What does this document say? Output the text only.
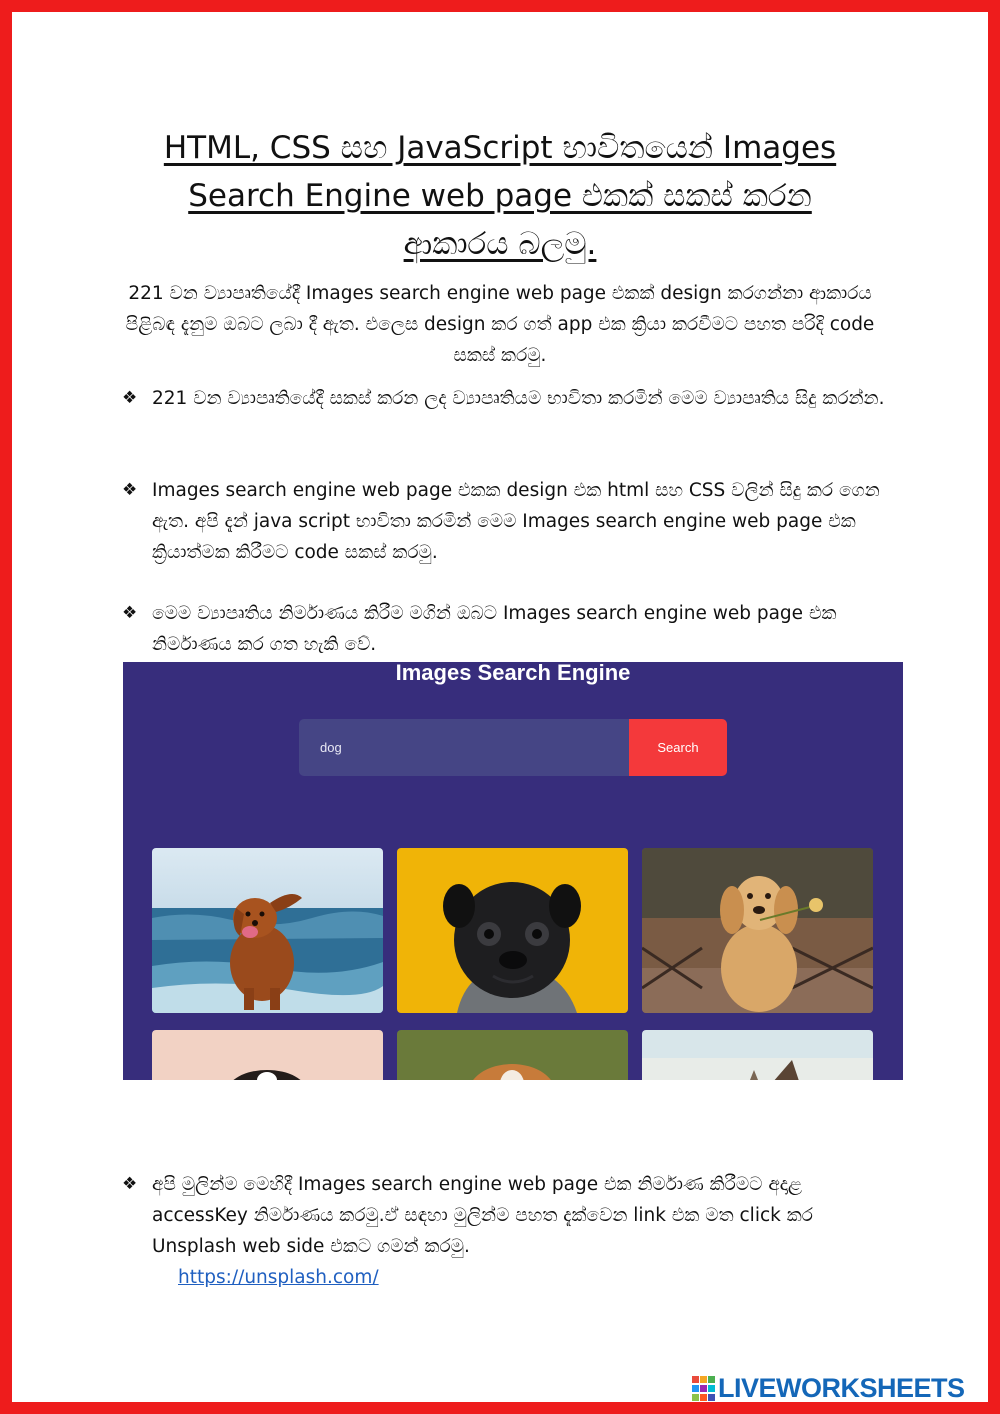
HTML, CSS සහ JavaScript භාවිතයෙන් Images Search Engine web page එකක් සකස් කරන ආකාරය බලමු.
221 වන ව්‍යාපෘතියේදී Images search engine web page එකක් design කරගන්නා ආකාරය පිළිබඳ දැනුම ඔබට ලබා දී ඇත. එලෙස design කර ගත් app එක ක්‍රියා කරවීමට පහත පරිදි code සකස් කරමු.
❖ 221 වන ව්‍යාපෘතියේදී සකස් කරන ලද ව්‍යාපෘතියම භාවිතා කරමින් මෙම ව්‍යාපෘතිය සිදු කරන්න.
❖ Images search engine web page එකක design එක html සහ CSS වලින් සිදු කර ගෙන ඇත. අපි දැන් java script භාවිතා කරමින් මෙම Images search engine web page එක ක්‍රියාත්මක කිරීමට code සකස් කරමු.
❖ මෙම ව්‍යාපෘතිය නිර්මාණය කිරීම මගින් ඔබට Images search engine web page එක නිර්මාණය කර ගත හැකි වේ.
Images Search Engine
dog	Search
❖ අපි මුලින්ම මෙහිදී Images search engine web page එක නිර්මාණ කිරීමට අදාළ accessKey නිර්මාණය කරමු.ඒ සඳහා මුලින්ම පහත දැක්වෙන link එක මත click කර Unsplash web side එකට ගමන් කරමු.
https://unsplash.com/
LIVEWORKSHEETS
